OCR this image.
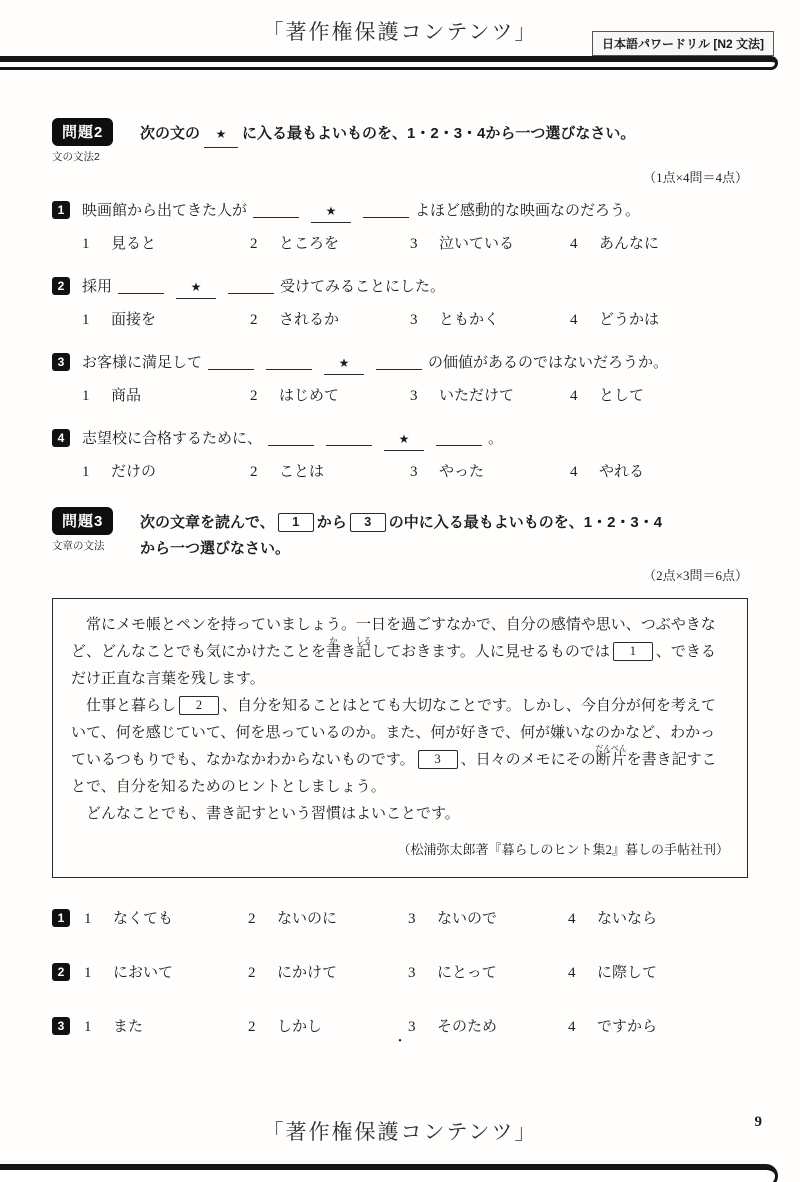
「著作権保護コンテンツ」	日本語パワードリル [N2 文法]
問題2
文の文法2
次の文の ★ に入る最もよいものを、1・2・3・4から一つ選びなさい。
（1点×4問＝4点）
1 映画館から出てきた人が	★	よほど感動的な映画なのだろう。
1 見ると	2 ところを	3 泣いている	4 あんなに
2 採用	★	受けてみることにした。
1 面接を	2 されるか	3 ともかく	4 どうかは
3 お客様に満足して	★	の価値があるのではないだろうか。
1 商品	2 はじめて	3 いただけて	4 として
4 志望校に合格するために、	★	。
1 だけの	2 ことは	3 やった	4 やれる
問題3
文章の文法
次の文章を読んで、 1 から 3 の中に入る最もよいものを、1・2・3・4
から一つ選びなさい。
（2点×3問＝6点）

　常にメモ帳とペンを持っていましょう。一日を過ごすなかで、自分の感情や思い、つぶやきなど、どんなことでも気にかけたことを書かき記しるしておきます。人に見せるものでは 1 、できるだけ正直な言葉を残します。

　仕事と暮らし 2 、自分を知ることはとても大切なことです。しかし、今自分が何を考えていて、何を感じていて、何を思っているのか。また、何が好きで、何が嫌いなのかなど、わかっているつもりでも、なかなかわからないものです。 3 、日々のメモにその断片だんぺんを書き記すことで、自分を知るためのヒントとしましょう。

　どんなことでも、書き記すという習慣はよいことです。

（松浦弥太郎著『暮らしのヒント集2』暮しの手帖社刊）
1	1 なくても	2 ないのに	3 ないので	4 ないなら
2	1 において	2 にかけて	3 にとって	4 に際して
3	1 また	2 しかし	3 そのため	4 ですから
・
「著作権保護コンテンツ」	9
